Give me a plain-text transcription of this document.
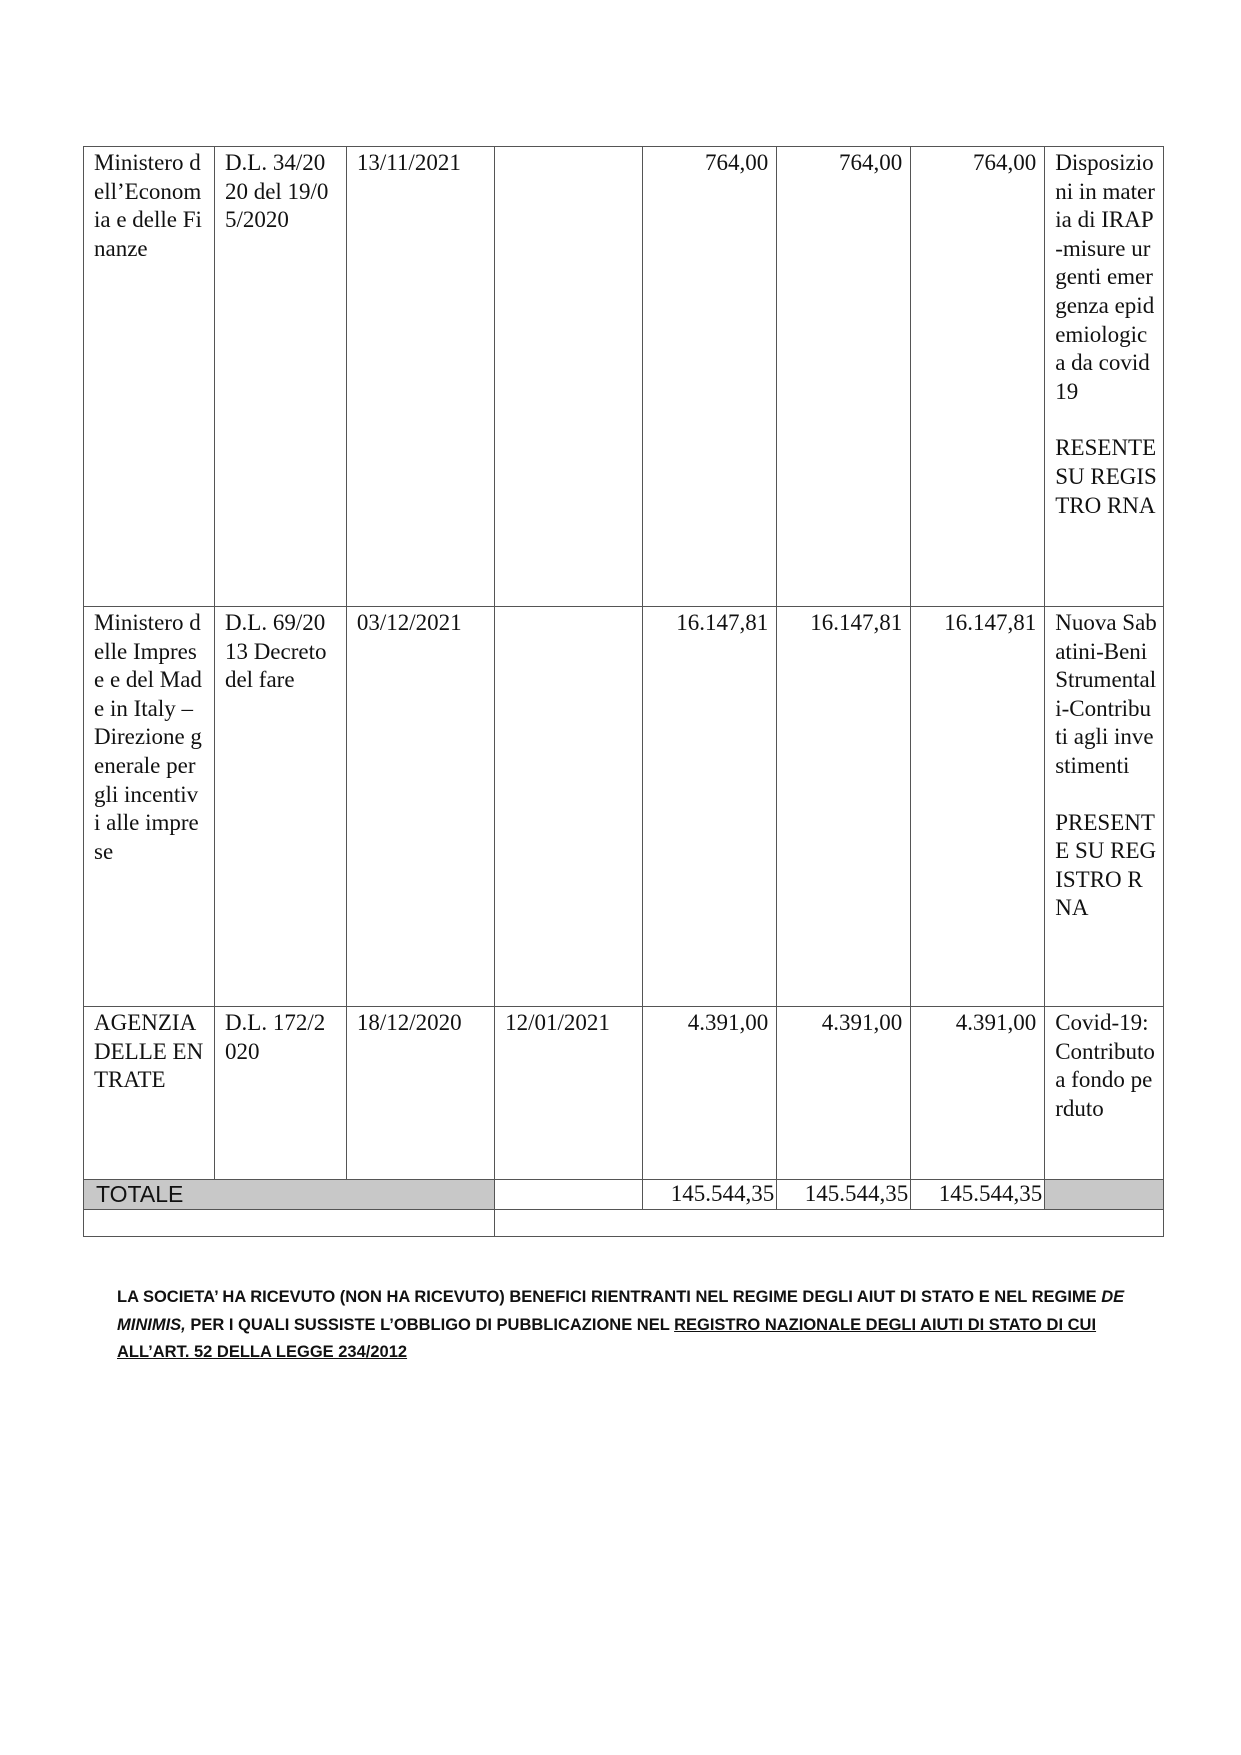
Ministero dell’Economia e delle Finanze	D.L. 34/2020 del 19/05/2020	13/11/2021		764,00	764,00	764,00	Disposizioni in materia di IRAP-misure urgenti emergenza epidemiologica da covid 19
RESENTE SU REGISTRO RNA

Ministero delle Imprese e del Made in Italy – Direzione generale per gli incentivi alle imprese	D.L. 69/2013 Decreto del fare	03/12/2021		16.147,81	16.147,81	16.147,81	Nuova Sabatini-Beni Strumentali-Contributi agli investimenti
PRESENTE SU REGISTRO RNA

AGENZIA DELLE ENTRATE	D.L. 172/2020	18/12/2020	12/01/2021	4.391,00	4.391,00	4.391,00	Covid-19: Contributo a fondo perduto

TOTALE				145.544,35	145.544,35	145.544,35	

LA SOCIETA’ HA RICEVUTO (NON HA RICEVUTO) BENEFICI RIENTRANTI NEL REGIME DEGLI AIUT DI STATO E NEL REGIME DE MINIMIS, PER I QUALI SUSSISTE L’OBBLIGO DI PUBBLICAZIONE NEL REGISTRO NAZIONALE DEGLI AIUTI DI STATO DI CUI ALL’ART. 52 DELLA LEGGE 234/2012
